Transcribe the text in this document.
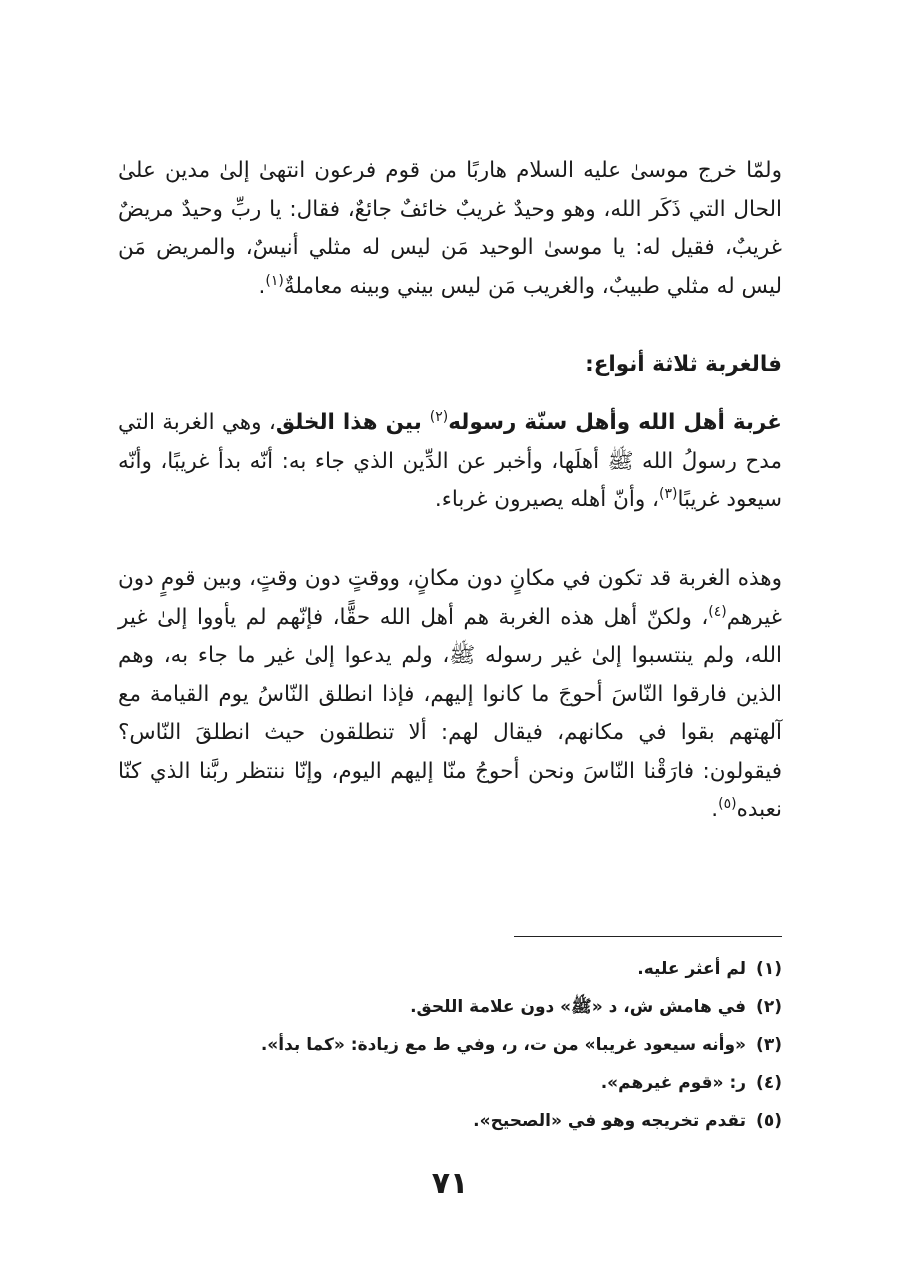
ولمّا خرج موسىٰ عليه السلام هاربًا من قوم فرعون انتهىٰ إلىٰ مدين علىٰ الحال التي ذَكَر الله، وهو وحيدٌ غريبٌ خائفٌ جائعٌ، فقال: يا ربِّ وحيدٌ مريضٌ غريبٌ، فقيل له: يا موسىٰ الوحيد مَن ليس له مثلي أنيسٌ، والمريض مَن ليس له مثلي طبيبٌ، والغريب مَن ليس بيني وبينه معاملةٌ$^{(١)}$.

فالغربة ثلاثة أنواع:

غربة أهل الله وأهل سنّة رسوله$^{(٢)}$ بين هذا الخلق، وهي الغربة التي مدح رسولُ الله ﷺ أهلَها، وأخبر عن الدِّين الذي جاء به: أنّه بدأ غريبًا، وأنّه سيعود غريبًا$^{(٣)}$، وأنّ أهله يصيرون غرباء.

وهذه الغربة قد تكون في مكانٍ دون مكانٍ، ووقتٍ دون وقتٍ، وبين قومٍ دون غيرهم$^{(٤)}$، ولكنّ أهل هذه الغربة هم أهل الله حقًّا، فإنّهم لم يأووا إلىٰ غير الله، ولم ينتسبوا إلىٰ غير رسوله ﷺ، ولم يدعوا إلىٰ غير ما جاء به، وهم الذين فارقوا النّاسَ أحوجَ ما كانوا إليهم، فإذا انطلق النّاسُ يوم القيامة مع آلهتهم بقوا في مكانهم، فيقال لهم: ألا تنطلقون حيث انطلقَ النّاس؟ فيقولون: فارَقْنا النّاسَ ونحن أحوجُ منّا إليهم اليوم، وإنّا ننتظر ربَّنا الذي كنّا نعبده$^{(٥)}$.

(١)لم أعثر عليه.
(٢)في هامش ش، د «ﷺ» دون علامة اللحق.
(٣)«وأنه سيعود غريبا» من ت، ر، وفي ط مع زيادة: «كما بدأ».
(٤)ر: «قوم غيرهم».
(٥)تقدم تخريجه وهو في «الصحيح».
٧١
